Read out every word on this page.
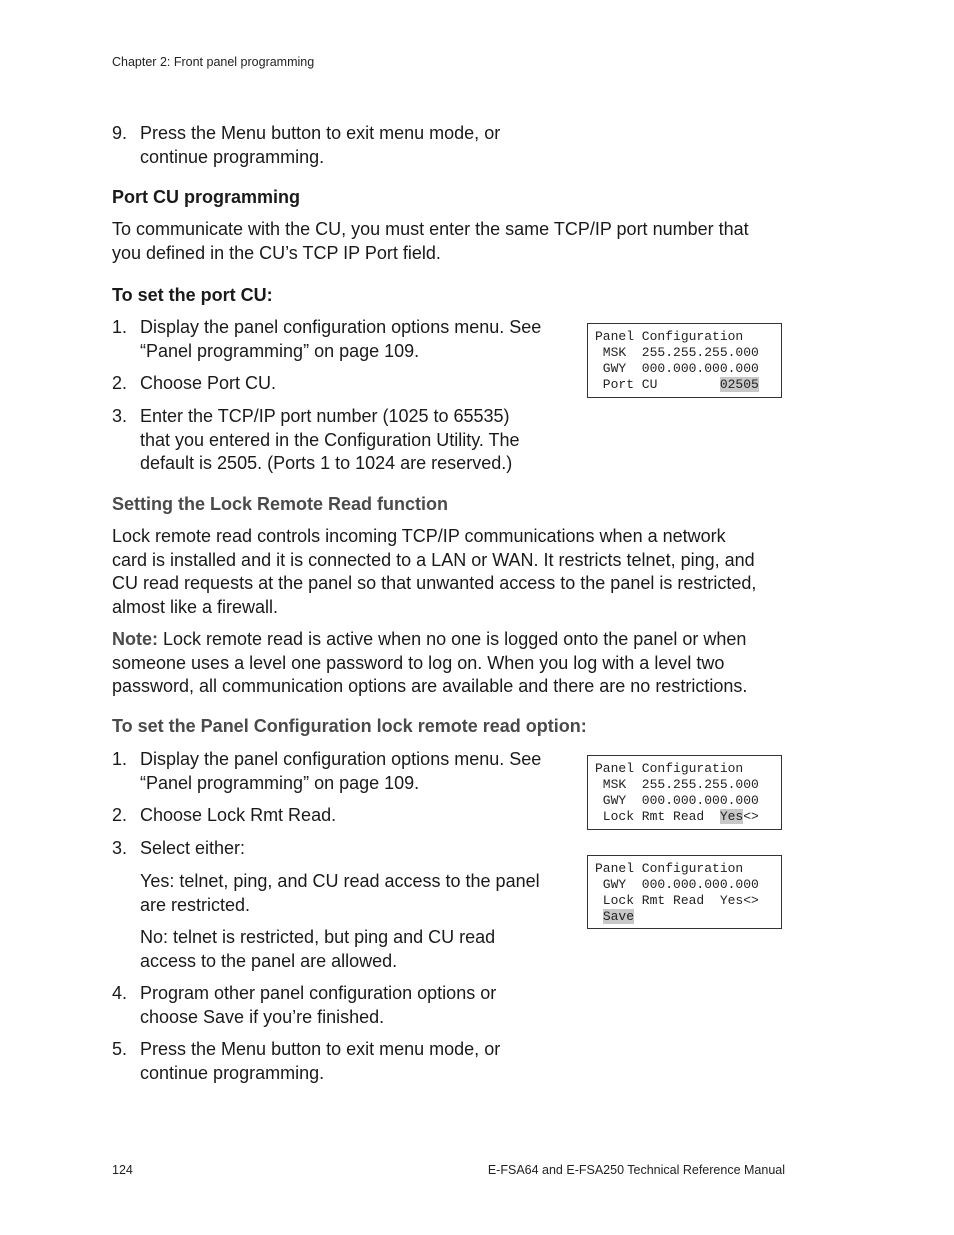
Chapter 2: Front panel programming
9. Press the Menu button to exit menu mode, or
continue programming.
Port CU programming
To communicate with the CU, you must enter the same TCP/IP port number that
you defined in the CU’s TCP IP Port field.
To set the port CU:
1. Display the panel configuration options menu. See
“Panel programming” on page 109.
2. Choose Port CU.
3. Enter the TCP/IP port number (1025 to 65535)
that you entered in the Configuration Utility. The
default is 2505. (Ports 1 to 1024 are reserved.)
Panel Configuration
MSK  255.255.255.000
GWY  000.000.000.000
Port CU        02505
Setting the Lock Remote Read function
Lock remote read controls incoming TCP/IP communications when a network
card is installed and it is connected to a LAN or WAN. It restricts telnet, ping, and
CU read requests at the panel so that unwanted access to the panel is restricted,
almost like a firewall.
Note: Lock remote read is active when no one is logged onto the panel or when
someone uses a level one password to log on. When you log with a level two
password, all communication options are available and there are no restrictions.
To set the Panel Configuration lock remote read option:
1. Display the panel configuration options menu. See
“Panel programming” on page 109.
2. Choose Lock Rmt Read.
3. Select either:
Yes: telnet, ping, and CU read access to the panel
are restricted.
No: telnet is restricted, but ping and CU read
access to the panel are allowed.
4. Program other panel configuration options or
choose Save if you’re finished.
5. Press the Menu button to exit menu mode, or
continue programming.
Panel Configuration
MSK  255.255.255.000
GWY  000.000.000.000
Lock Rmt Read  Yes<>
Panel Configuration
GWY  000.000.000.000
Lock Rmt Read  Yes<>
Save
124	E-FSA64 and E-FSA250 Technical Reference Manual
